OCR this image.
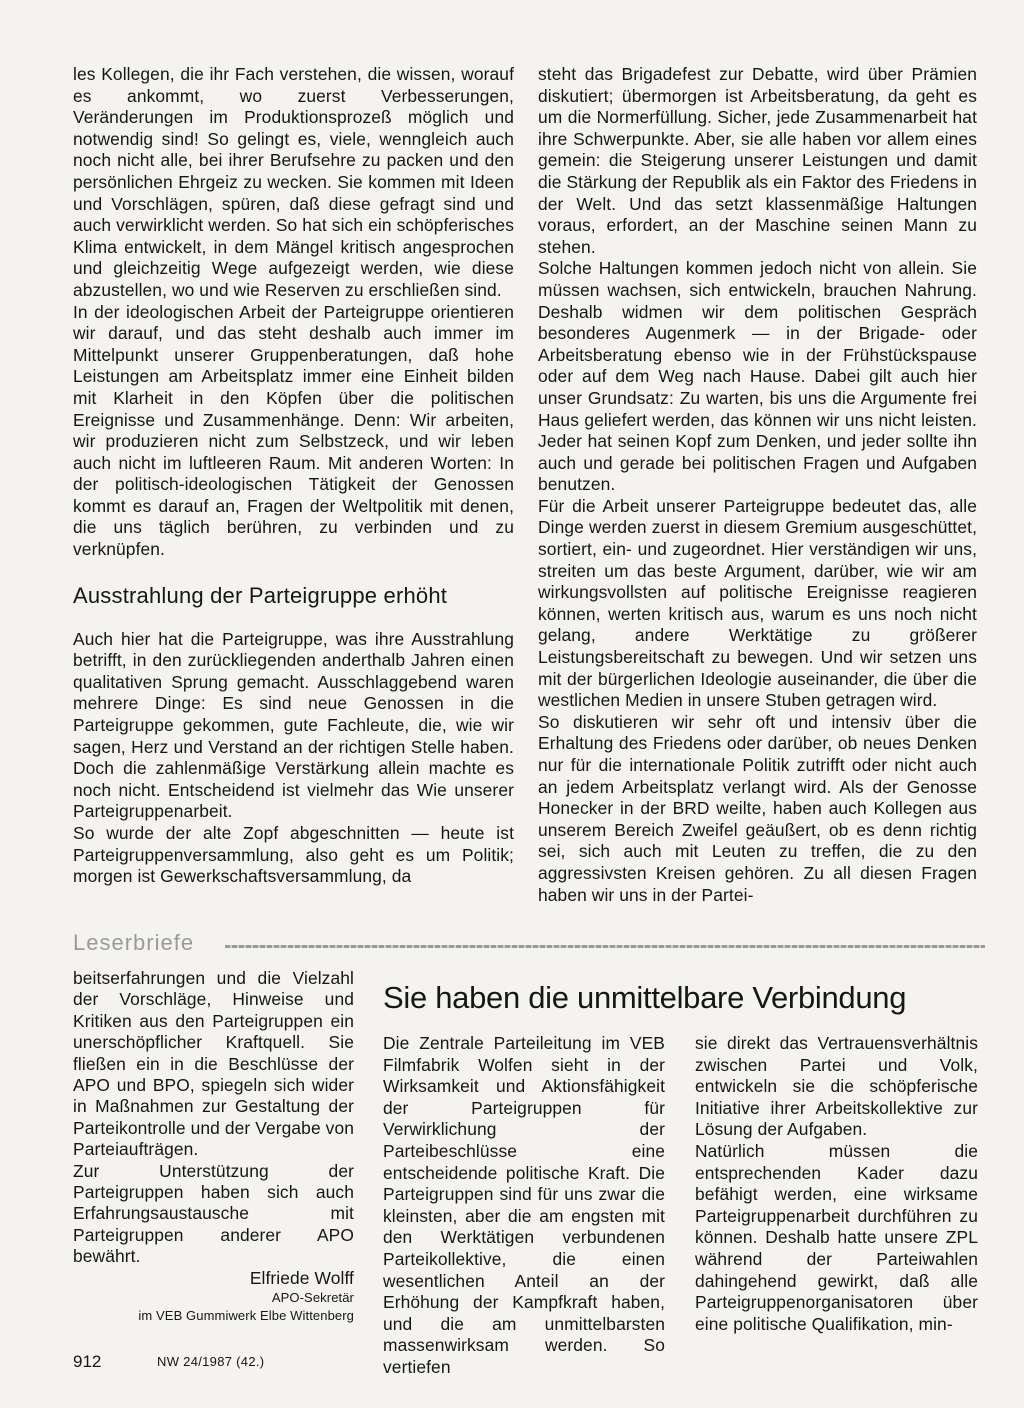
les Kollegen, die ihr Fach verstehen, die wissen, worauf es ankommt, wo zuerst Verbesserungen, Veränderungen im Produktionsprozeß möglich und notwendig sind! So gelingt es, viele, wenngleich auch noch nicht alle, bei ihrer Berufsehre zu packen und den persönlichen Ehrgeiz zu wecken. Sie kommen mit Ideen und Vorschlägen, spüren, daß diese gefragt sind und auch verwirklicht werden. So hat sich ein schöpferisches Klima entwickelt, in dem Mängel kritisch angesprochen und gleichzeitig Wege aufgezeigt werden, wie diese abzustellen, wo und wie Reserven zu erschließen sind.

In der ideologischen Arbeit der Parteigruppe orientieren wir darauf, und das steht deshalb auch immer im Mittelpunkt unserer Gruppenberatungen, daß hohe Leistungen am Arbeitsplatz immer eine Einheit bilden mit Klarheit in den Köpfen über die politischen Ereignisse und Zusammenhänge. Denn: Wir arbeiten, wir produzieren nicht zum Selbstzeck, und wir leben auch nicht im luftleeren Raum. Mit anderen Worten: In der politisch-ideologischen Tätigkeit der Genossen kommt es darauf an, Fragen der Weltpolitik mit denen, die uns täglich berühren, zu verbinden und zu verknüpfen.

Ausstrahlung der Parteigruppe erhöht

Auch hier hat die Parteigruppe, was ihre Ausstrahlung betrifft, in den zurückliegenden anderthalb Jahren einen qualitativen Sprung gemacht. Ausschlaggebend waren mehrere Dinge: Es sind neue Genossen in die Parteigruppe gekommen, gute Fachleute, die, wie wir sagen, Herz und Verstand an der richtigen Stelle haben. Doch die zahlenmäßige Verstärkung allein machte es noch nicht. Entscheidend ist vielmehr das Wie unserer Parteigruppenarbeit.

So wurde der alte Zopf abgeschnitten — heute ist Parteigruppenversammlung, also geht es um Politik; morgen ist Gewerkschaftsversammlung, da

steht das Brigadefest zur Debatte, wird über Prämien diskutiert; übermorgen ist Arbeitsberatung, da geht es um die Normerfüllung. Sicher, jede Zusammenarbeit hat ihre Schwerpunkte. Aber, sie alle haben vor allem eines gemein: die Steigerung unserer Leistungen und damit die Stärkung der Republik als ein Faktor des Friedens in der Welt. Und das setzt klassenmäßige Haltungen voraus, erfordert, an der Maschine seinen Mann zu stehen.

Solche Haltungen kommen jedoch nicht von allein. Sie müssen wachsen, sich entwickeln, brauchen Nahrung. Deshalb widmen wir dem politischen Gespräch besonderes Augenmerk — in der Brigade- oder Arbeitsberatung ebenso wie in der Frühstückspause oder auf dem Weg nach Hause. Dabei gilt auch hier unser Grundsatz: Zu warten, bis uns die Argumente frei Haus geliefert werden, das können wir uns nicht leisten. Jeder hat seinen Kopf zum Denken, und jeder sollte ihn auch und gerade bei politischen Fragen und Aufgaben benutzen.

Für die Arbeit unserer Parteigruppe bedeutet das, alle Dinge werden zuerst in diesem Gremium ausgeschüttet, sortiert, ein- und zugeordnet. Hier verständigen wir uns, streiten um das beste Argument, darüber, wie wir am wirkungsvollsten auf politische Ereignisse reagieren können, werten kritisch aus, warum es uns noch nicht gelang, andere Werktätige zu größerer Leistungsbereitschaft zu bewegen. Und wir setzen uns mit der bürgerlichen Ideologie auseinander, die über die westlichen Medien in unsere Stuben getragen wird.

So diskutieren wir sehr oft und intensiv über die Erhaltung des Friedens oder darüber, ob neues Denken nur für die internationale Politik zutrifft oder nicht auch an jedem Arbeitsplatz verlangt wird. Als der Genosse Honecker in der BRD weilte, haben auch Kollegen aus unserem Bereich Zweifel geäußert, ob es denn richtig sei, sich auch mit Leuten zu treffen, die zu den aggressivsten Kreisen gehören. Zu all diesen Fragen haben wir uns in der Partei-

Leserbriefe

beitserfahrungen und die Vielzahl der Vorschläge, Hinweise und Kritiken aus den Parteigruppen ein unerschöpflicher Kraftquell. Sie fließen ein in die Beschlüsse der APO und BPO, spiegeln sich wider in Maßnahmen zur Gestaltung der Parteikontrolle und der Vergabe von Parteiaufträgen.

Zur Unterstützung der Parteigruppen haben sich auch Erfahrungsaustausche mit Parteigruppen anderer APO bewährt.

Elfriede Wolff

APO-Sekretär

im VEB Gummiwerk Elbe Wittenberg

Sie haben die unmittelbare Verbindung

Die Zentrale Parteileitung im VEB Filmfabrik Wolfen sieht in der Wirksamkeit und Aktionsfähigkeit der Parteigruppen für Verwirklichung der Parteibeschlüsse eine entscheidende politische Kraft. Die Parteigruppen sind für uns zwar die kleinsten, aber die am engsten mit den Werktätigen verbundenen Parteikollektive, die einen wesentlichen Anteil an der Erhöhung der Kampfkraft haben, und die am unmittelbarsten massenwirksam werden. So vertiefen

sie direkt das Vertrauensverhältnis zwischen Partei und Volk, entwickeln sie die schöpferische Initiative ihrer Arbeitskollektive zur Lösung der Aufgaben.

Natürlich müssen die entsprechenden Kader dazu befähigt werden, eine wirksame Parteigruppenarbeit durchführen zu können. Deshalb hatte unsere ZPL während der Parteiwahlen dahingehend gewirkt, daß alle Parteigruppenorganisatoren über eine politische Qualifikation, min-

912	NW 24/1987 (42.)
